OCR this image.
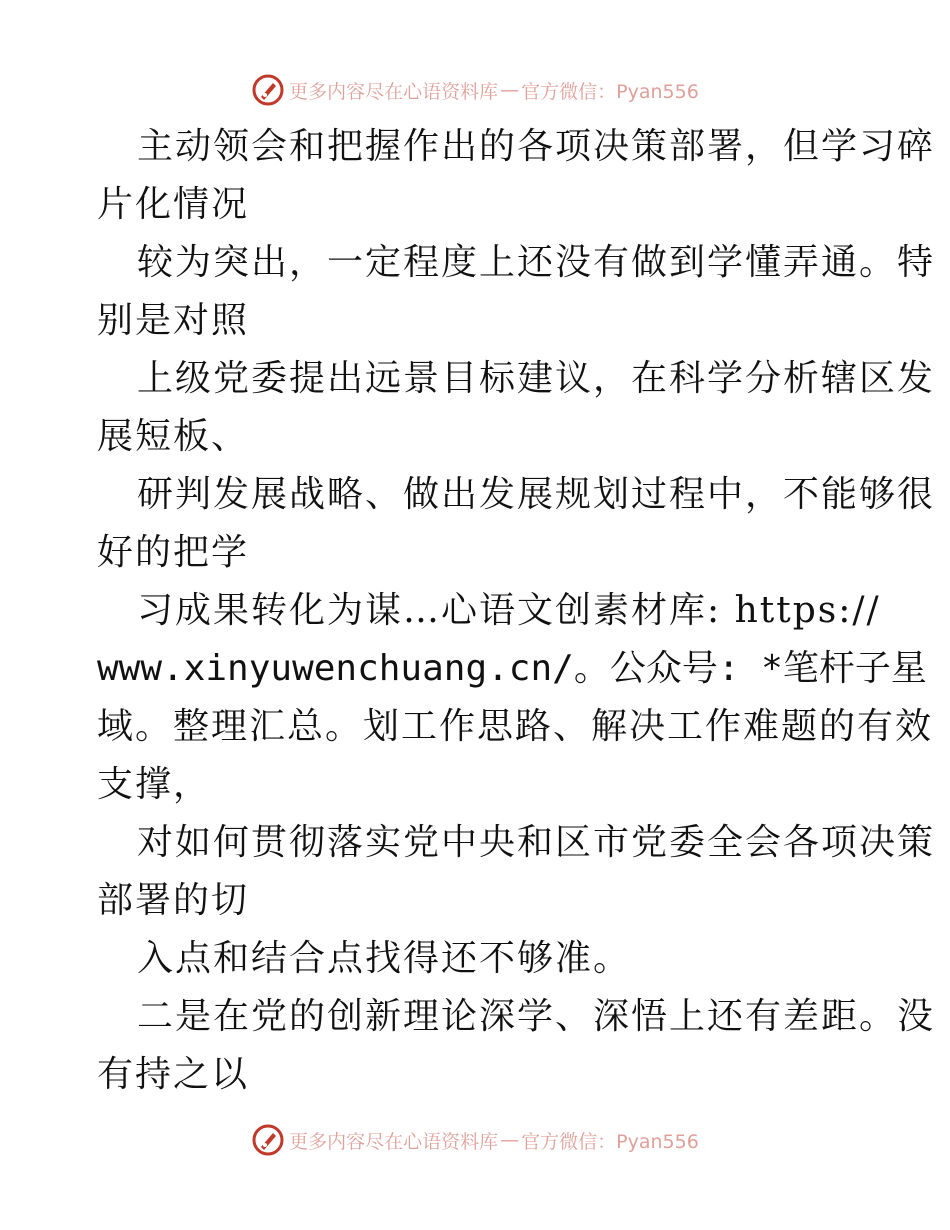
更多内容尽在心语资料库 — 官方微信：Pyan556

主动领会和把握作出的各项决策部署，但学习碎

片化情况

较为突出，一定程度上还没有做到学懂弄通。特

别是对照

上级党委提出远景目标建议，在科学分析辖区发

展短板、

研判发展战略、做出发展规划过程中，不能够很

好的把学

习成果转化为谋…心语文创素材库: https://

www.xinyuwenchuang.cn/。公众号: *笔杆子星

域。整理汇总。划工作思路、解决工作难题的有效

支撑，

对如何贯彻落实党中央和区市党委全会各项决策

部署的切

入点和结合点找得还不够准。

二是在党的创新理论深学、深悟上还有差距。没

有持之以

更多内容尽在心语资料库 — 官方微信：Pyan556
